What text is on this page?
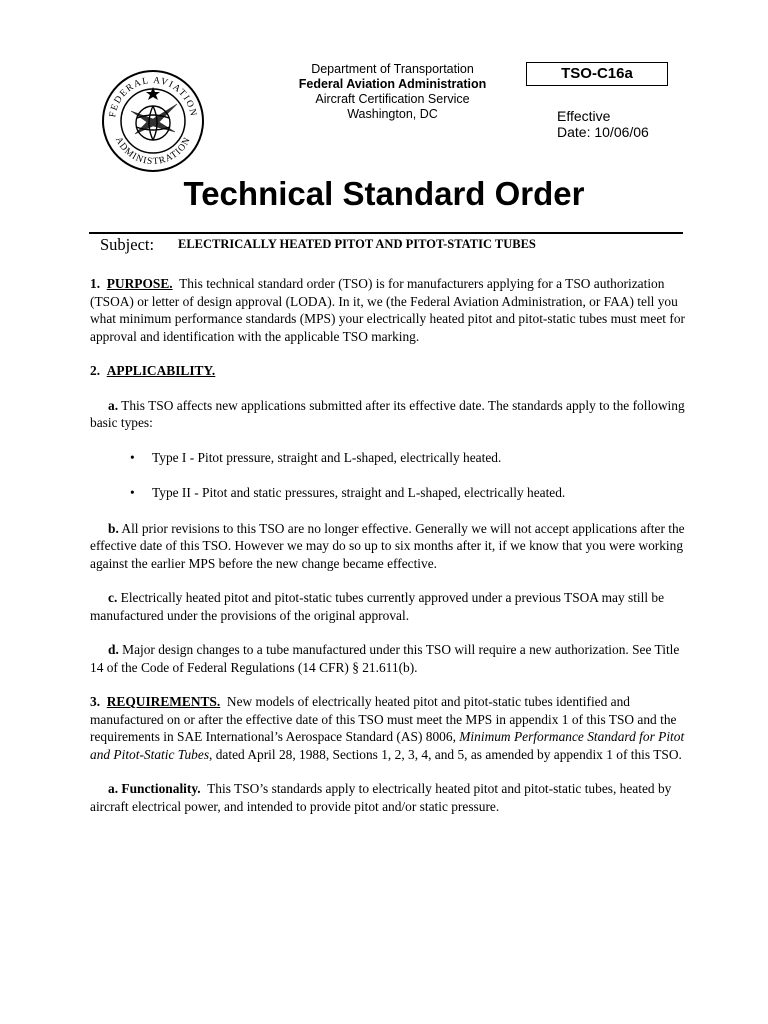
FEDERAL AVIATION
ADMINISTRATION
Department of Transportation
Federal Aviation Administration
Aircraft Certification Service
Washington, DC
TSO-C16a
Effective
Date: 10/06/06
Technical Standard Order
Subject: ELECTRICALLY HEATED PITOT AND PITOT-STATIC TUBES

1. PURPOSE. This technical standard order (TSO) is for manufacturers applying for a TSO authorization (TSOA) or letter of design approval (LODA). In it, we (the Federal Aviation Administration, or FAA) tell you what minimum performance standards (MPS) your electrically heated pitot and pitot-static tubes must meet for approval and identification with the applicable TSO marking.

2. APPLICABILITY.

a. This TSO affects new applications submitted after its effective date. The standards apply to the following basic types:

• Type I - Pitot pressure, straight and L-shaped, electrically heated.
• Type II - Pitot and static pressures, straight and L-shaped, electrically heated.

b. All prior revisions to this TSO are no longer effective. Generally we will not accept applications after the effective date of this TSO. However we may do so up to six months after it, if we know that you were working against the earlier MPS before the new change became effective.

c. Electrically heated pitot and pitot-static tubes currently approved under a previous TSOA may still be manufactured under the provisions of the original approval.

d. Major design changes to a tube manufactured under this TSO will require a new authorization. See Title 14 of the Code of Federal Regulations (14 CFR) § 21.611(b).

3. REQUIREMENTS. New models of electrically heated pitot and pitot-static tubes identified and manufactured on or after the effective date of this TSO must meet the MPS in appendix 1 of this TSO and the requirements in SAE International’s Aerospace Standard (AS) 8006, Minimum Performance Standard for Pitot and Pitot-Static Tubes, dated April 28, 1988, Sections 1, 2, 3, 4, and 5, as amended by appendix 1 of this TSO.

a. Functionality. This TSO’s standards apply to electrically heated pitot and pitot-static tubes, heated by aircraft electrical power, and intended to provide pitot and/or static pressure.
